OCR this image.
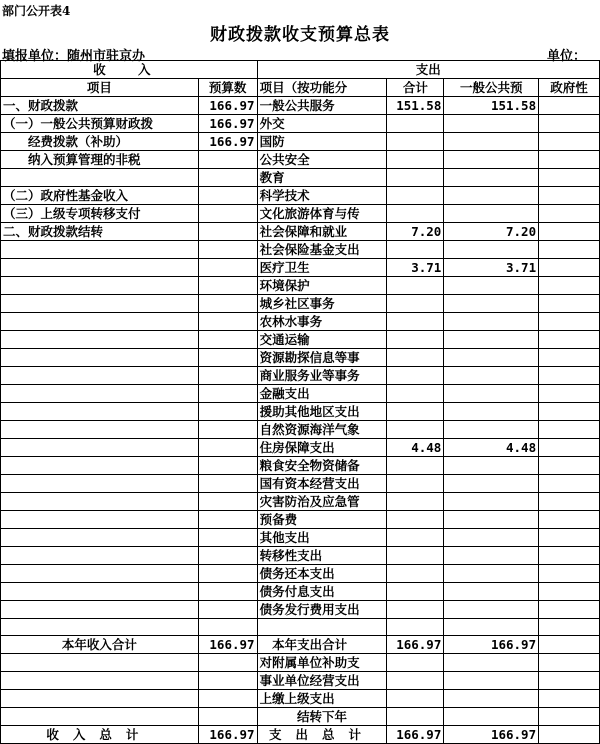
部门公开表4
财政拨款收支预算总表
填报单位：随州市驻京办	单位：
收 入		支出			
项目	预算数	项目（按功能分	合计	一般公共预	政府性
一、财政拨款	166.97	一般公共服务	151.58	151.58	
（一）一般公共预算财政拨	166.97	外交			
　　经费拨款（补助）	166.97	国防			
　　纳入预算管理的非税		公共安全			
		教育			
（二）政府性基金收入		科学技术			
（三）上级专项转移支付		文化旅游体育与传			
二、财政拨款结转		社会保障和就业	7.20	7.20	
		社会保险基金支出			
		医疗卫生	3.71	3.71	
		环境保护			
		城乡社区事务			
		农林水事务			
		交通运输			
		资源勘探信息等事			
		商业服务业等事务			
		金融支出			
		援助其他地区支出			
		自然资源海洋气象			
		住房保障支出	4.48	4.48	
		粮食安全物资储备			
		国有资本经营支出			
		灾害防治及应急管			
		预备费			
		其他支出			
		转移性支出			
		债务还本支出			
		债务付息支出			
		债务发行费用支出			

本年收入合计	166.97	　本年支出合计	166.97	166.97	
		对附属单位补助支			
		事业单位经营支出			
		上缴上级支出			
		结转下年			
收入总计	166.97	支出总计	166.97	166.97	
